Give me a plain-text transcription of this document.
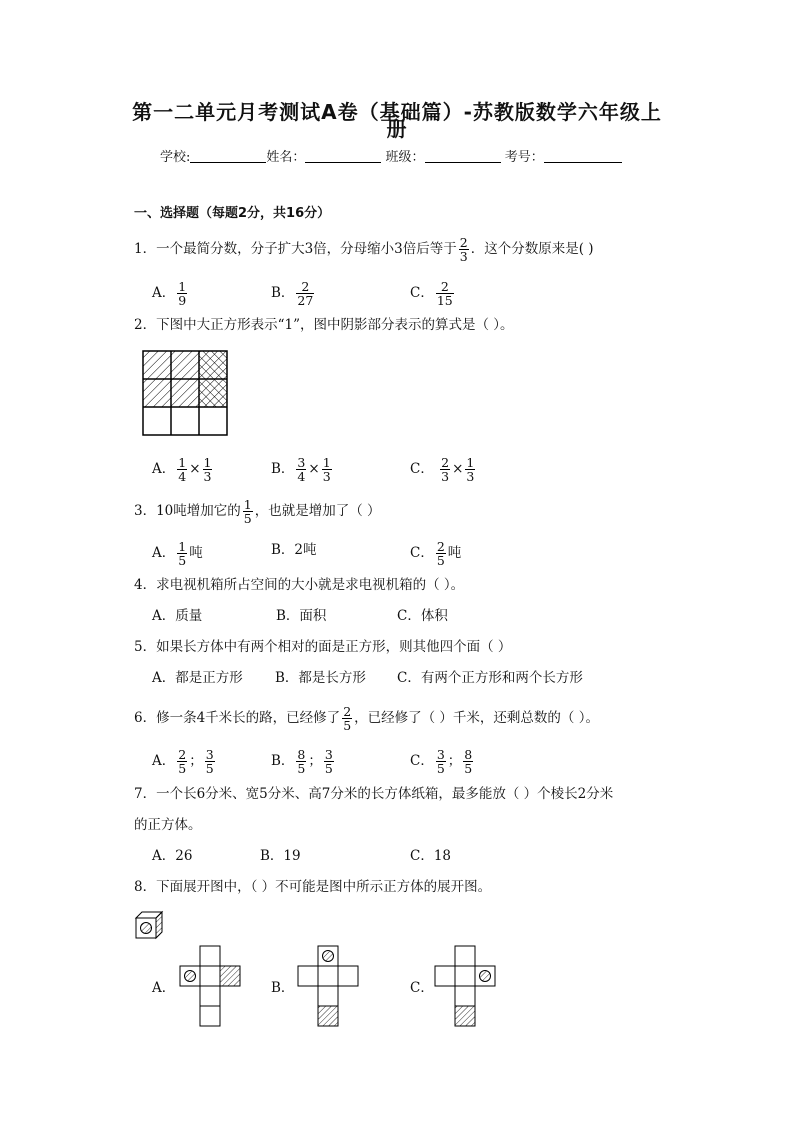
第一二单元月考测试A卷（基础篇）-苏教版数学六年级上
册
学校:	姓名：	班级：	考号：
一、选择题（每题2分，共16分）
1．一个最简分数，分子扩大3倍，分母缩小3倍后等于 $\frac{2}{3}$ ．这个分数原来是( )
A． $\frac{1}{9}$	B． $\frac{2}{27}$	C． $\frac{2}{15}$
2．下图中大正方形表示“1”，图中阴影部分表示的算式是（ ）。
A． $\frac{1}{4} \times \frac{1}{3}$	B． $\frac{3}{4} \times \frac{1}{3}$	C． $\frac{2}{3} \times \frac{1}{3}$
3．10吨增加它的 $\frac{1}{5}$ ，也就是增加了（ ）
A． $\frac{1}{5}$ 吨	B．2吨	C． $\frac{2}{5}$ 吨
4．求电视机箱所占空间的大小就是求电视机箱的（ ）。
A．质量	B．面积	C．体积
5．如果长方体中有两个相对的面是正方形，则其他四个面（ ）
A．都是正方形 B．都是长方形 C．有两个正方形和两个长方形
6．修一条4千米长的路，已经修了 $\frac{2}{5}$ ，已经修了（ ）千米，还剩总数的（ ）。
A． $\frac{2}{5}$ ； $\frac{3}{5}$	B． $\frac{8}{5}$ ； $\frac{3}{5}$	C． $\frac{3}{5}$ ； $\frac{8}{5}$
7．一个长6分米、宽5分米、高7分米的长方体纸箱，最多能放（ ）个棱长2分米
的正方体。
A．26	B．19	C．18
8．下面展开图中，（ ）不可能是图中所示正方体的展开图。
A．	B．	C．
